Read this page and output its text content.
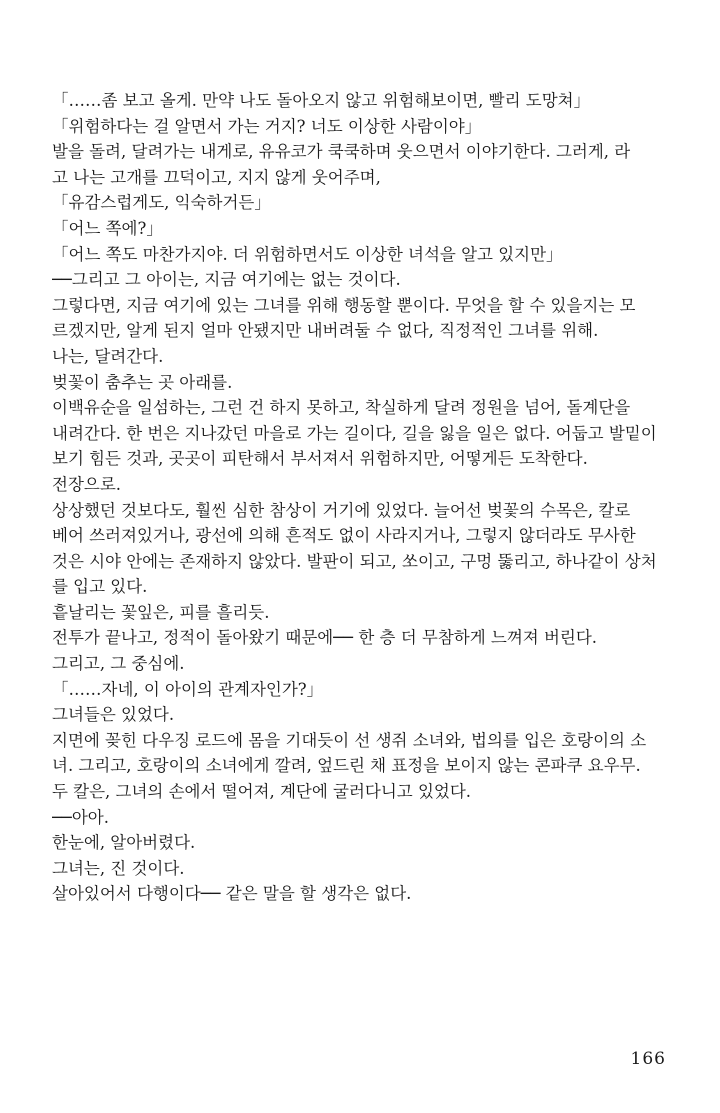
「……좀 보고 올게. 만약 나도 돌아오지 않고 위험해보이면, 빨리 도망쳐」
「위험하다는 걸 알면서 가는 거지? 너도 이상한 사람이야」
발을 돌려, 달려가는 내게로, 유유코가 쿡쿡하며 웃으면서 이야기한다. 그러게, 라
고 나는 고개를 끄덕이고, 지지 않게 웃어주며,
「유감스럽게도, 익숙하거든」
「어느 쪽에?」
「어느 쪽도 마찬가지야. 더 위험하면서도 이상한 녀석을 알고 있지만」
──그리고 그 아이는, 지금 여기에는 없는 것이다.
그렇다면, 지금 여기에 있는 그녀를 위해 행동할 뿐이다. 무엇을 할 수 있을지는 모
르겠지만, 알게 된지 얼마 안됐지만 내버려둘 수 없다, 직정적인 그녀를 위해.
나는, 달려간다.
벚꽃이 춤추는 곳 아래를.
이백유순을 일섬하는, 그런 건 하지 못하고, 착실하게 달려 정원을 넘어, 돌계단을
내려간다. 한 번은 지나갔던 마을로 가는 길이다, 길을 잃을 일은 없다. 어둡고 발밑이
보기 힘든 것과, 곳곳이 피탄해서 부서져서 위험하지만, 어떻게든 도착한다.
전장으로.
상상했던 것보다도, 훨씬 심한 참상이 거기에 있었다. 늘어선 벚꽃의 수목은, 칼로
베어 쓰러져있거나, 광선에 의해 흔적도 없이 사라지거나, 그렇지 않더라도 무사한
것은 시야 안에는 존재하지 않았다. 발판이 되고, 쏘이고, 구멍 뚫리고, 하나같이 상처
를 입고 있다.
흩날리는 꽃잎은, 피를 흘리듯.
전투가 끝나고, 정적이 돌아왔기 때문에── 한 층 더 무참하게 느껴져 버린다.
그리고, 그 중심에.
「……자네, 이 아이의 관계자인가?」
그녀들은 있었다.
지면에 꽂힌 다우징 로드에 몸을 기대듯이 선 생쥐 소녀와, 법의를 입은 호랑이의 소
녀. 그리고, 호랑이의 소녀에게 깔려, 엎드린 채 표정을 보이지 않는 콘파쿠 요우무.
두 칼은, 그녀의 손에서 떨어져, 계단에 굴러다니고 있었다.
──아아.
한눈에, 알아버렸다.
그녀는, 진 것이다.
살아있어서 다행이다── 같은 말을 할 생각은 없다.
166
